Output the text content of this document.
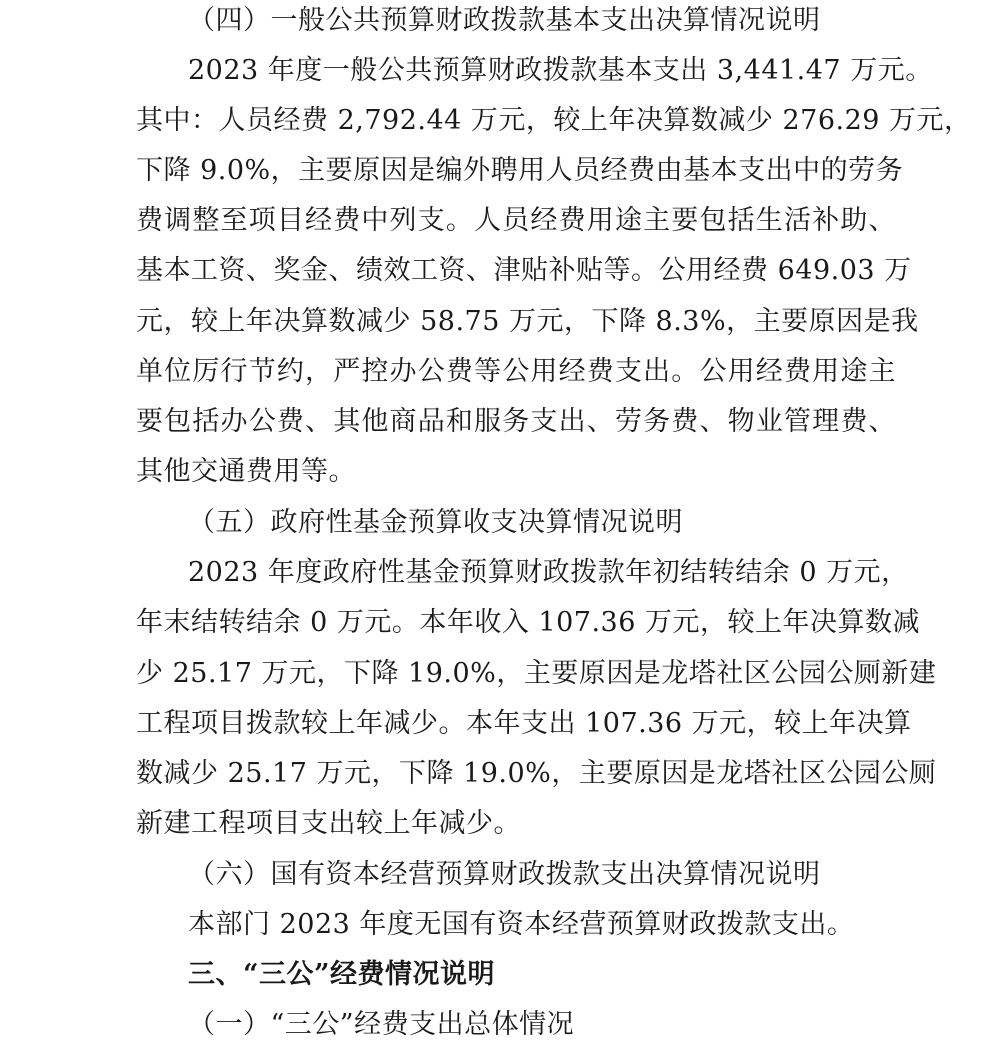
（四）一般公共预算财政拨款基本支出决算情况说明
2023 年度一般公共预算财政拨款基本支出 3,441.47 万元。
其中：人员经费 2,792.44 万元，较上年决算数减少 276.29 万元，
下降 9.0%，主要原因是编外聘用人员经费由基本支出中的劳务
费调整至项目经费中列支。人员经费用途主要包括生活补助、
基本工资、奖金、绩效工资、津贴补贴等。公用经费 649.03 万
元，较上年决算数减少 58.75 万元，下降 8.3%，主要原因是我
单位厉行节约，严控办公费等公用经费支出。公用经费用途主
要包括办公费、其他商品和服务支出、劳务费、物业管理费、
其他交通费用等。
（五）政府性基金预算收支决算情况说明
2023 年度政府性基金预算财政拨款年初结转结余 0 万元，
年末结转结余 0 万元。本年收入 107.36 万元，较上年决算数减
少 25.17 万元，下降 19.0%，主要原因是龙塔社区公园公厕新建
工程项目拨款较上年减少。本年支出 107.36 万元，较上年决算
数减少 25.17 万元，下降 19.0%，主要原因是龙塔社区公园公厕
新建工程项目支出较上年减少。
（六）国有资本经营预算财政拨款支出决算情况说明
本部门 2023 年度无国有资本经营预算财政拨款支出。
三、“三公”经费情况说明
（一）“三公”经费支出总体情况
